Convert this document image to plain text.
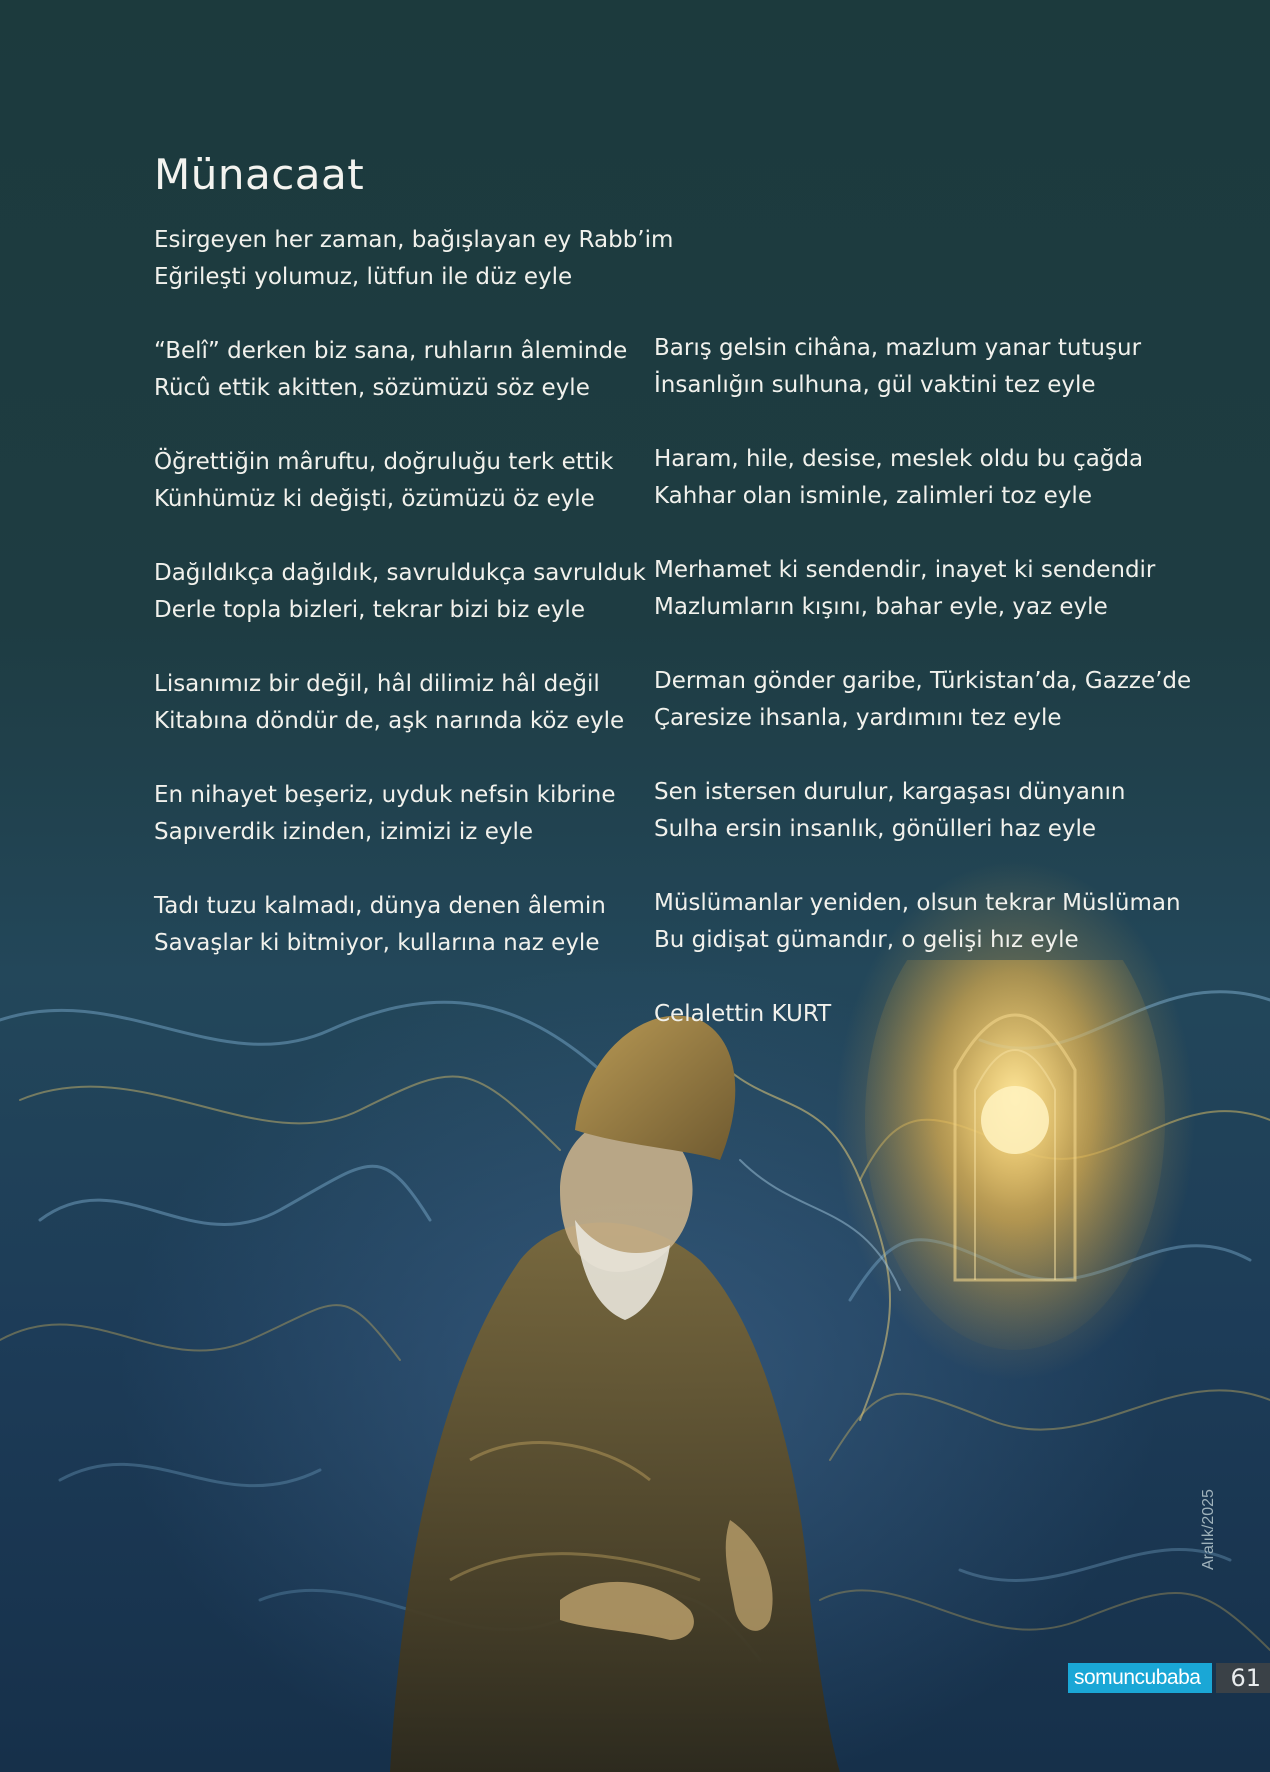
Münacaat

Esirgeyen her zaman, bağışlayan ey Rabb’im
Eğrileşti yolumuz, lütfun ile düz eyle

“Belî” derken biz sana, ruhların âleminde
Rücû ettik akitten, sözümüzü söz eyle

Öğrettiğin mâruftu, doğruluğu terk ettik
Künhümüz ki değişti, özümüzü öz eyle

Dağıldıkça dağıldık, savruldukça savrulduk
Derle topla bizleri, tekrar bizi biz eyle

Lisanımız bir değil, hâl dilimiz hâl değil
Kitabına döndür de, aşk narında köz eyle

En nihayet beşeriz, uyduk nefsin kibrine
Sapıverdik izinden, izimizi iz eyle

Tadı tuzu kalmadı, dünya denen âlemin
Savaşlar ki bitmiyor, kullarına naz eyle

Barış gelsin cihâna, mazlum yanar tutuşur
İnsanlığın sulhuna, gül vaktini tez eyle

Haram, hile, desise, meslek oldu bu çağda
Kahhar olan isminle, zalimleri toz eyle

Merhamet ki sendendir, inayet ki sendendir
Mazlumların kışını, bahar eyle, yaz eyle

Derman gönder garibe, Türkistan’da, Gazze’de
Çaresize ihsanla, yardımını tez eyle

Sen istersen durulur, kargaşası dünyanın
Sulha ersin insanlık, gönülleri haz eyle

Müslümanlar yeniden, olsun tekrar Müslüman
Bu gidişat gümandır, o gelişi hız eyle

Celalettin KURT
Aralık/2025
somuncubaba	61
